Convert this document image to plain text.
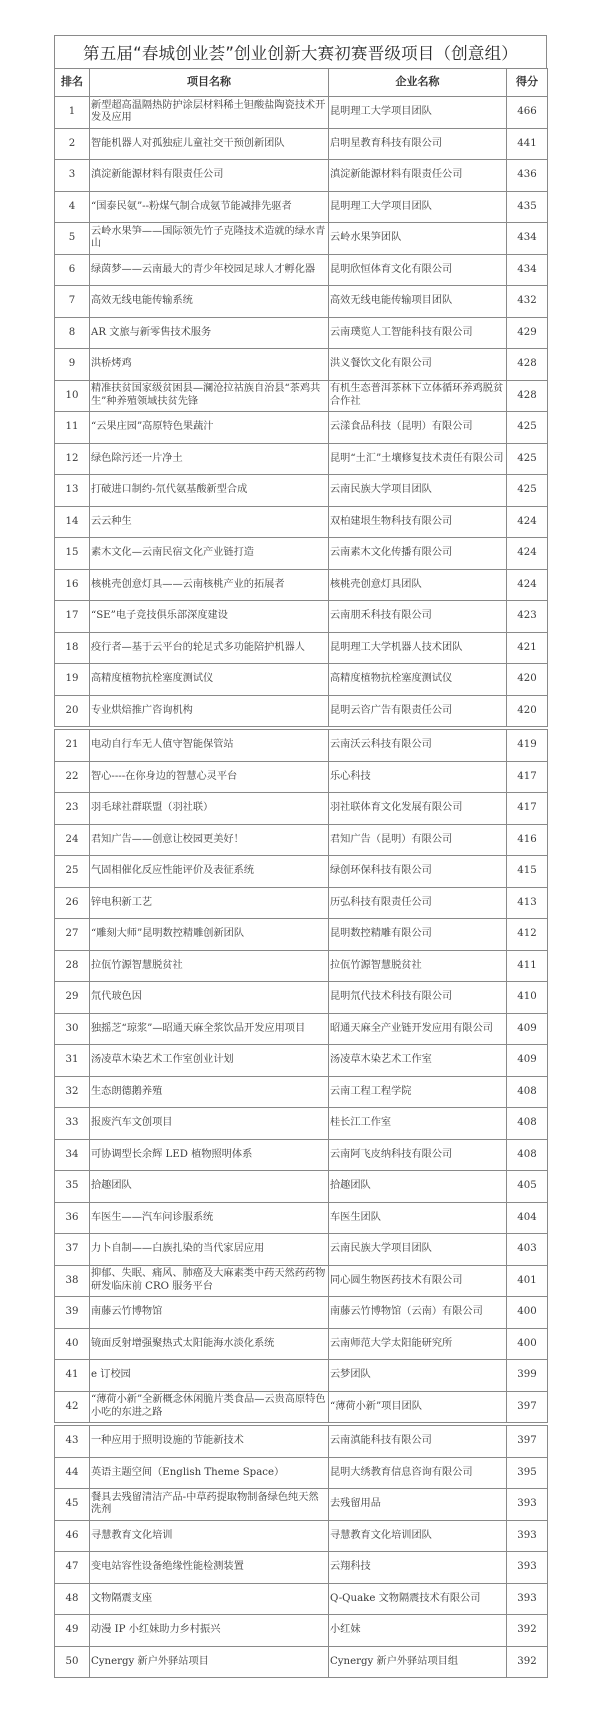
第五届“春城创业荟”创业创新大赛初赛晋级项目（创意组）
排名	项目名称	企业名称	得分
1	新型超高温隔热防护涂层材料稀土钽酸盐陶瓷技术开发及应用	昆明理工大学项目团队	466
2	智能机器人对孤独症儿童社交干预创新团队	启明星教育科技有限公司	441
3	滇淀新能源材料有限责任公司	滇淀新能源材料有限责任公司	436
4	“国泰民氨”--粉煤气制合成氨节能减排先驱者	昆明理工大学项目团队	435
5	云岭水果笋——国际领先竹子克隆技术造就的绿水青山	云岭水果笋团队	434
6	绿茵梦——云南最大的青少年校园足球人才孵化器	昆明欣恒体育文化有限公司	434
7	高效无线电能传输系统	高效无线电能传输项目团队	432
8	AR 文旅与新零售技术服务	云南璞览人工智能科技有限公司	429
9	洪桥烤鸡	洪义餐饮文化有限公司	428
10	精准扶贫国家级贫困县—澜沧拉祜族自治县“茶鸡共生”种养殖领域扶贫先锋	有机生态普洱茶林下立体循环养鸡脱贫合作社	428
11	“云果庄园”高原特色果蔬汁	云漾食品科技（昆明）有限公司	425
12	绿色除污还一片净土	昆明“土汇”土壤修复技术责任有限公司	425
13	打破进口制约-氘代氨基酸新型合成	云南民族大学项目团队	425
14	云云种生	双柏建垠生物科技有限公司	424
15	素木文化—云南民宿文化产业链打造	云南素木文化传播有限公司	424
16	核桃壳创意灯具——云南核桃产业的拓展者	核桃壳创意灯具团队	424
17	“SE”电子竞技俱乐部深度建设	云南朋禾科技有限公司	423
18	疫行者—基于云平台的轮足式多功能陪护机器人	昆明理工大学机器人技术团队	421
19	高精度植物抗栓塞度测试仪	高精度植物抗栓塞度测试仪	420
20	专业烘焙推广咨询机构	昆明云咨广告有限责任公司	420

21	电动自行车无人值守智能保管站	云南沃云科技有限公司	419
22	智心----在你身边的智慧心灵平台	乐心科技	417
23	羽毛球社群联盟（羽社联）	羽社联体育文化发展有限公司	417
24	君知广告——创意让校园更美好！	君知广告（昆明）有限公司	416
25	气固相催化反应性能评价及表征系统	绿创环保科技有限公司	415
26	锌电积新工艺	历弘科技有限责任公司	413
27	“雕刻大师”昆明数控精雕创新团队	昆明数控精雕有限公司	412
28	拉佤竹源智慧脱贫社	拉佤竹源智慧脱贫社	411
29	氘代玻色因	昆明氘代技术科技有限公司	410
30	独摇芝“琼浆”—昭通天麻全浆饮品开发应用项目	昭通天麻全产业链开发应用有限公司	409
31	汤凌草木染艺术工作室创业计划	汤凌草木染艺术工作室	409
32	生态朗德鹅养殖	云南工程工程学院	408
33	报废汽车文创项目	桂长江工作室	408
34	可协调型长余辉 LED 植物照明体系	云南阿飞皮纳科技有限公司	408
35	拾趣团队	拾趣团队	405
36	车医生——汽车问诊服系统	车医生团队	404
37	力卜自制——白族扎染的当代家居应用	云南民族大学项目团队	403
38	抑郁、失眠、痛风、肺癌及大麻素类中药天然药药物研发临床前 CRO 服务平台	同心圆生物医药技术有限公司	401
39	南藤云竹博物馆	南藤云竹博物馆（云南）有限公司	400
40	镜面反射增强聚热式太阳能海水淡化系统	云南师范大学太阳能研究所	400
41	e 订校园	云梦团队	399
42	“薄荷小新”全新概念休闲脆片类食品—云贵高原特色小吃的东进之路	“薄荷小新”项目团队	397

43	一种应用于照明设施的节能新技术	云南滇能科技有限公司	397
44	英语主题空间（English Theme Space）	昆明大绣教育信息咨询有限公司	395
45	餐具去残留清洁产品-中草药提取物制备绿色纯天然洗剂	去残留用品	393
46	寻慧教育文化培训	寻慧教育文化培训团队	393
47	变电站容性设备绝缘性能检测装置	云翔科技	393
48	文物隔震支座	Q-Quake 文物隔震技术有限公司	393
49	动漫 IP 小红妹助力乡村振兴	小红妹	392
50	Cynergy 新户外驿站项目	Cynergy 新户外驿站项目组	392
